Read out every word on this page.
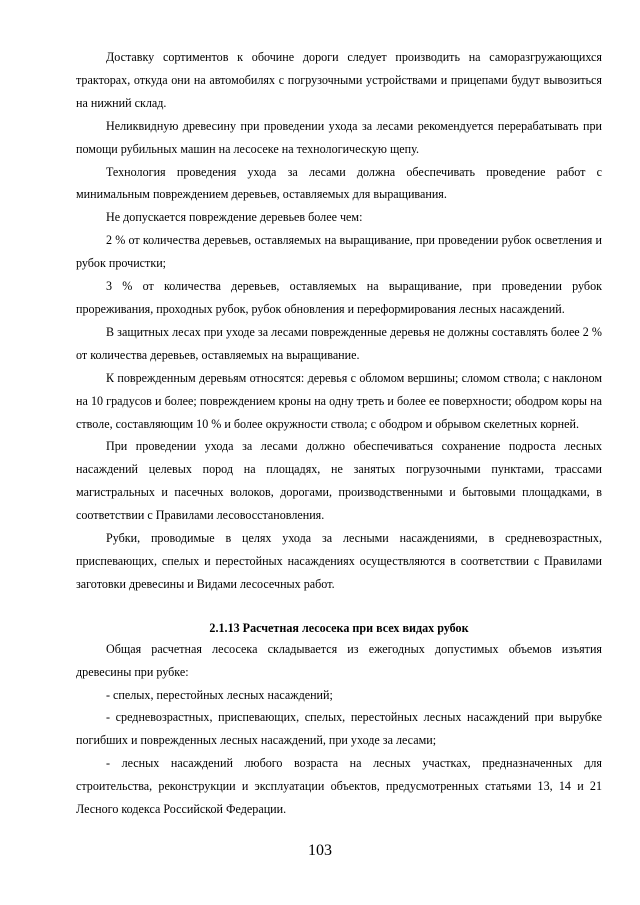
Доставку сортиментов к обочине дороги следует производить на саморазгружающихся тракторах, откуда они на автомобилях с погрузочными устройствами и прицепами будут вывозиться на нижний склад.

Неликвидную древесину при проведении ухода за лесами рекомендуется перерабатывать при помощи рубильных машин на лесосеке на технологическую щепу.

Технология проведения ухода за лесами должна обеспечивать проведение работ с минимальным повреждением деревьев, оставляемых для выращивания.

Не допускается повреждение деревьев более чем:

2 % от количества деревьев, оставляемых на выращивание, при проведении рубок осветления и рубок прочистки;

3 % от количества деревьев, оставляемых на выращивание, при проведении рубок прореживания, проходных рубок, рубок обновления и переформирования лесных насаждений.

В защитных лесах при уходе за лесами поврежденные деревья не должны составлять более 2 % от количества деревьев, оставляемых на выращивание.

К поврежденным деревьям относятся: деревья с обломом вершины; сломом ствола; с наклоном на 10 градусов и более; повреждением кроны на одну треть и более ее поверхности; ободром коры на стволе, составляющим 10 % и более окружности ствола; с ободром и обрывом скелетных корней.

При проведении ухода за лесами должно обеспечиваться сохранение подроста лесных насаждений целевых пород на площадях, не занятых погрузочными пунктами, трассами магистральных и пасечных волоков, дорогами, производственными и бытовыми площадками, в соответствии с Правилами лесовосстановления.

Рубки, проводимые в целях ухода за лесными насаждениями, в средневозрастных, приспевающих, спелых и перестойных насаждениях осуществляются в соответствии с Правилами заготовки древесины и Видами лесосечных работ.

2.1.13 Расчетная лесосека при всех видах рубок

Общая расчетная лесосека складывается из ежегодных допустимых объемов изъятия древесины при рубке:

- спелых, перестойных лесных насаждений;

- средневозрастных, приспевающих, спелых, перестойных лесных насаждений при вырубке погибших и поврежденных лесных насаждений, при уходе за лесами;

- лесных насаждений любого возраста на лесных участках, предназначенных для строительства, реконструкции и эксплуатации объектов, предусмотренных статьями 13, 14 и 21 Лесного кодекса Российской Федерации.

103
